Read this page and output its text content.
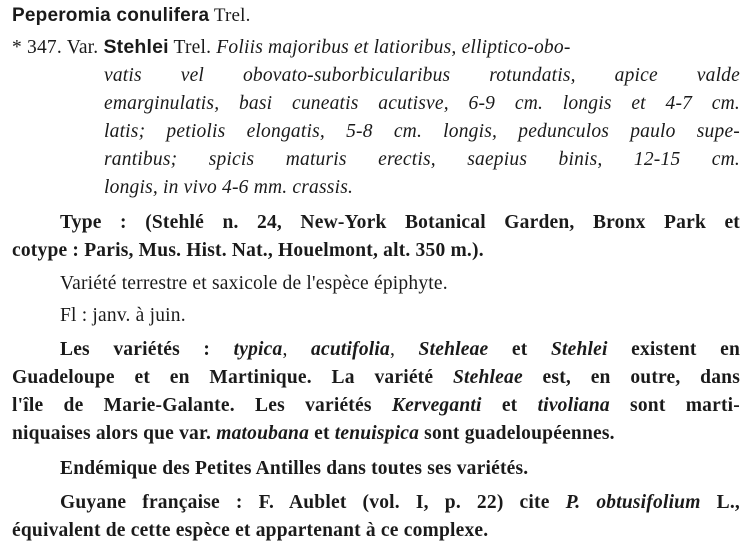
Peperomia conulifera Trel.
* 347. Var. Stehlei Trel. Foliis majoribus et latioribus, elliptico-obo-
vatis vel obovato-suborbicularibus rotundatis, apice valde
emarginulatis, basi cuneatis acutisve, 6-9 cm. longis et 4-7 cm.
latis; petiolis elongatis, 5-8 cm. longis, pedunculos paulo supe-
rantibus; spicis maturis erectis, saepius binis, 12-15 cm.
longis, in vivo 4-6 mm. crassis.
Type : (Stehlé n. 24, New-York Botanical Garden, Bronx Park et
cotype : Paris, Mus. Hist. Nat., Houelmont, alt. 350 m.).
Variété terrestre et saxicole de l'espèce épiphyte.
Fl : janv. à juin.
Les variétés : typica, acutifolia, Stehleae et Stehlei existent en
Guadeloupe et en Martinique. La variété Stehleae est, en outre, dans
l'île de Marie-Galante. Les variétés Kerveganti et tivoliana sont marti-
niquaises alors que var. matoubana et tenuispica sont guadeloupéennes.
Endémique des Petites Antilles dans toutes ses variétés.
Guyane française : F. Aublet (vol. I, p. 22) cite P. obtusifolium L.,
équivalent de cette espèce et appartenant à ce complexe.
